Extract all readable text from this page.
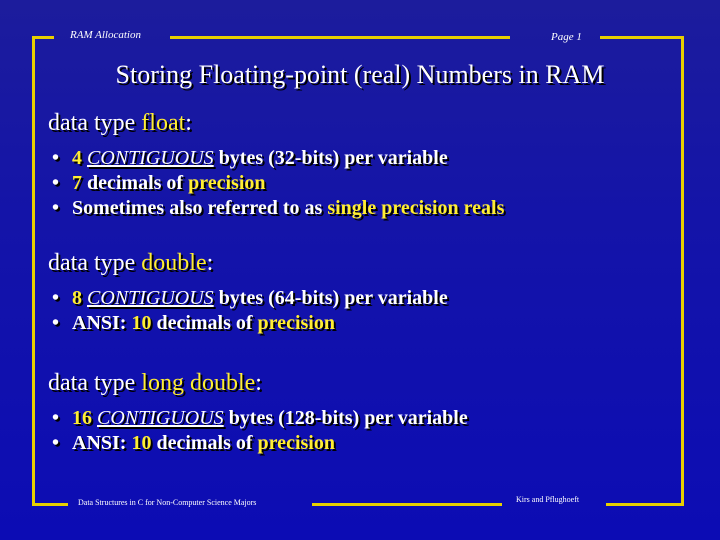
RAM Allocation	Page 1
Storing Floating-point (real) Numbers in RAM
data type float:
• 4 CONTIGUOUS bytes (32-bits) per variable
• 7 decimals of precision
• Sometimes also referred to as single precision reals
data type double:
• 8 CONTIGUOUS bytes (64-bits) per variable
• ANSI: 10 decimals of precision
data type long double:
• 16 CONTIGUOUS bytes (128-bits) per variable
• ANSI: 10 decimals of precision
Data Structures in C for Non-Computer Science Majors	Kirs and Pflughoeft
